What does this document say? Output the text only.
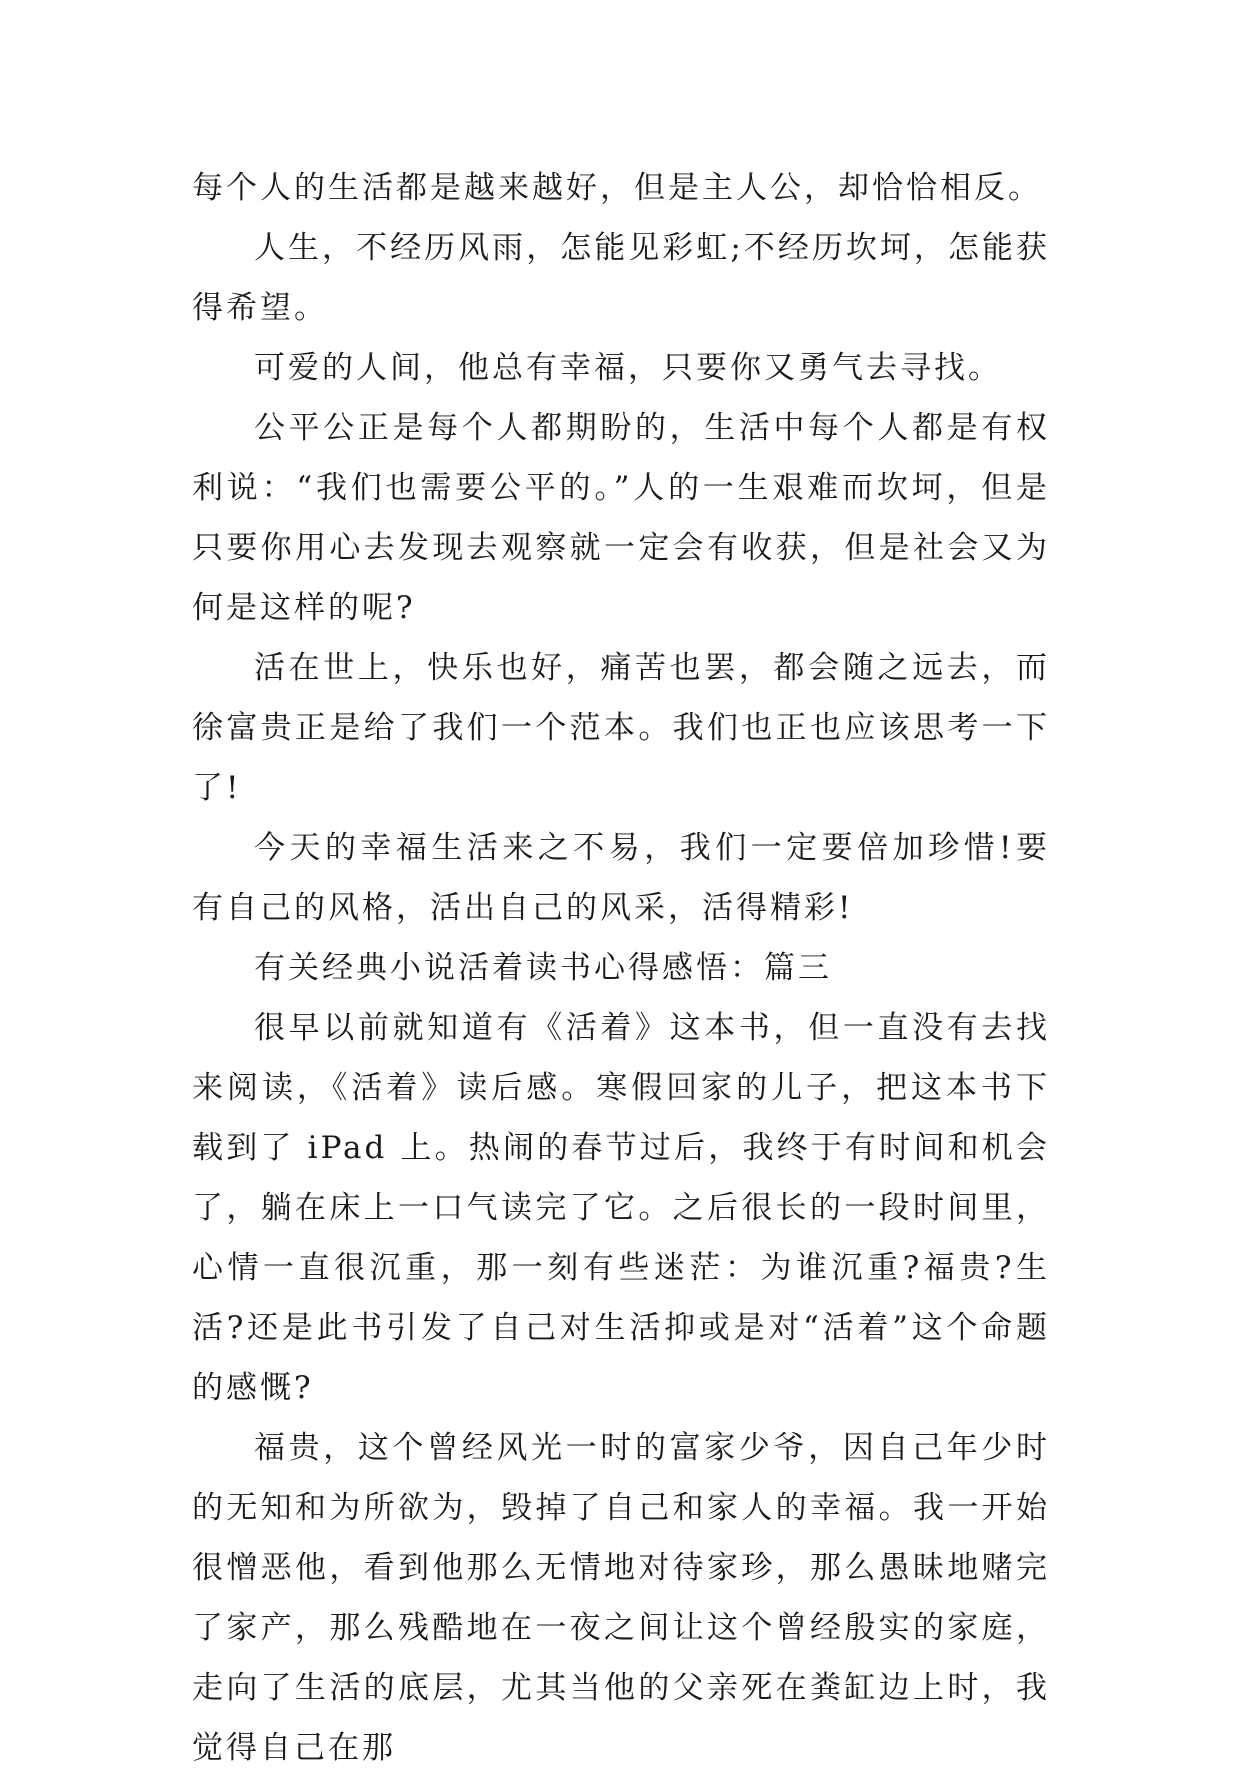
每个人的生活都是越来越好，但是主人公，却恰恰相反。

人生，不经历风雨，怎能见彩虹;不经历坎坷，怎能获得希望。

可爱的人间，他总有幸福，只要你又勇气去寻找。

公平公正是每个人都期盼的，生活中每个人都是有权利说：“我们也需要公平的。”人的一生艰难而坎坷，但是只要你用心去发现去观察就一定会有收获，但是社会又为何是这样的呢?

活在世上，快乐也好，痛苦也罢，都会随之远去，而徐富贵正是给了我们一个范本。我们也正也应该思考一下了!

今天的幸福生活来之不易，我们一定要倍加珍惜!要有自己的风格，活出自己的风采，活得精彩!

有关经典小说活着读书心得感悟：篇三

很早以前就知道有《活着》这本书，但一直没有去找来阅读，《活着》读后感。寒假回家的儿子，把这本书下载到了 iPad 上。热闹的春节过后，我终于有时间和机会了，躺在床上一口气读完了它。之后很长的一段时间里，心情一直很沉重，那一刻有些迷茫：为谁沉重?福贵?生活?还是此书引发了自己对生活抑或是对“活着”这个命题的感慨?

福贵，这个曾经风光一时的富家少爷，因自己年少时的无知和为所欲为，毁掉了自己和家人的幸福。我一开始很憎恶他，看到他那么无情地对待家珍，那么愚昧地赌完了家产，那么残酷地在一夜之间让这个曾经殷实的家庭，走向了生活的底层，尤其当他的父亲死在粪缸边上时，我觉得自己在那
